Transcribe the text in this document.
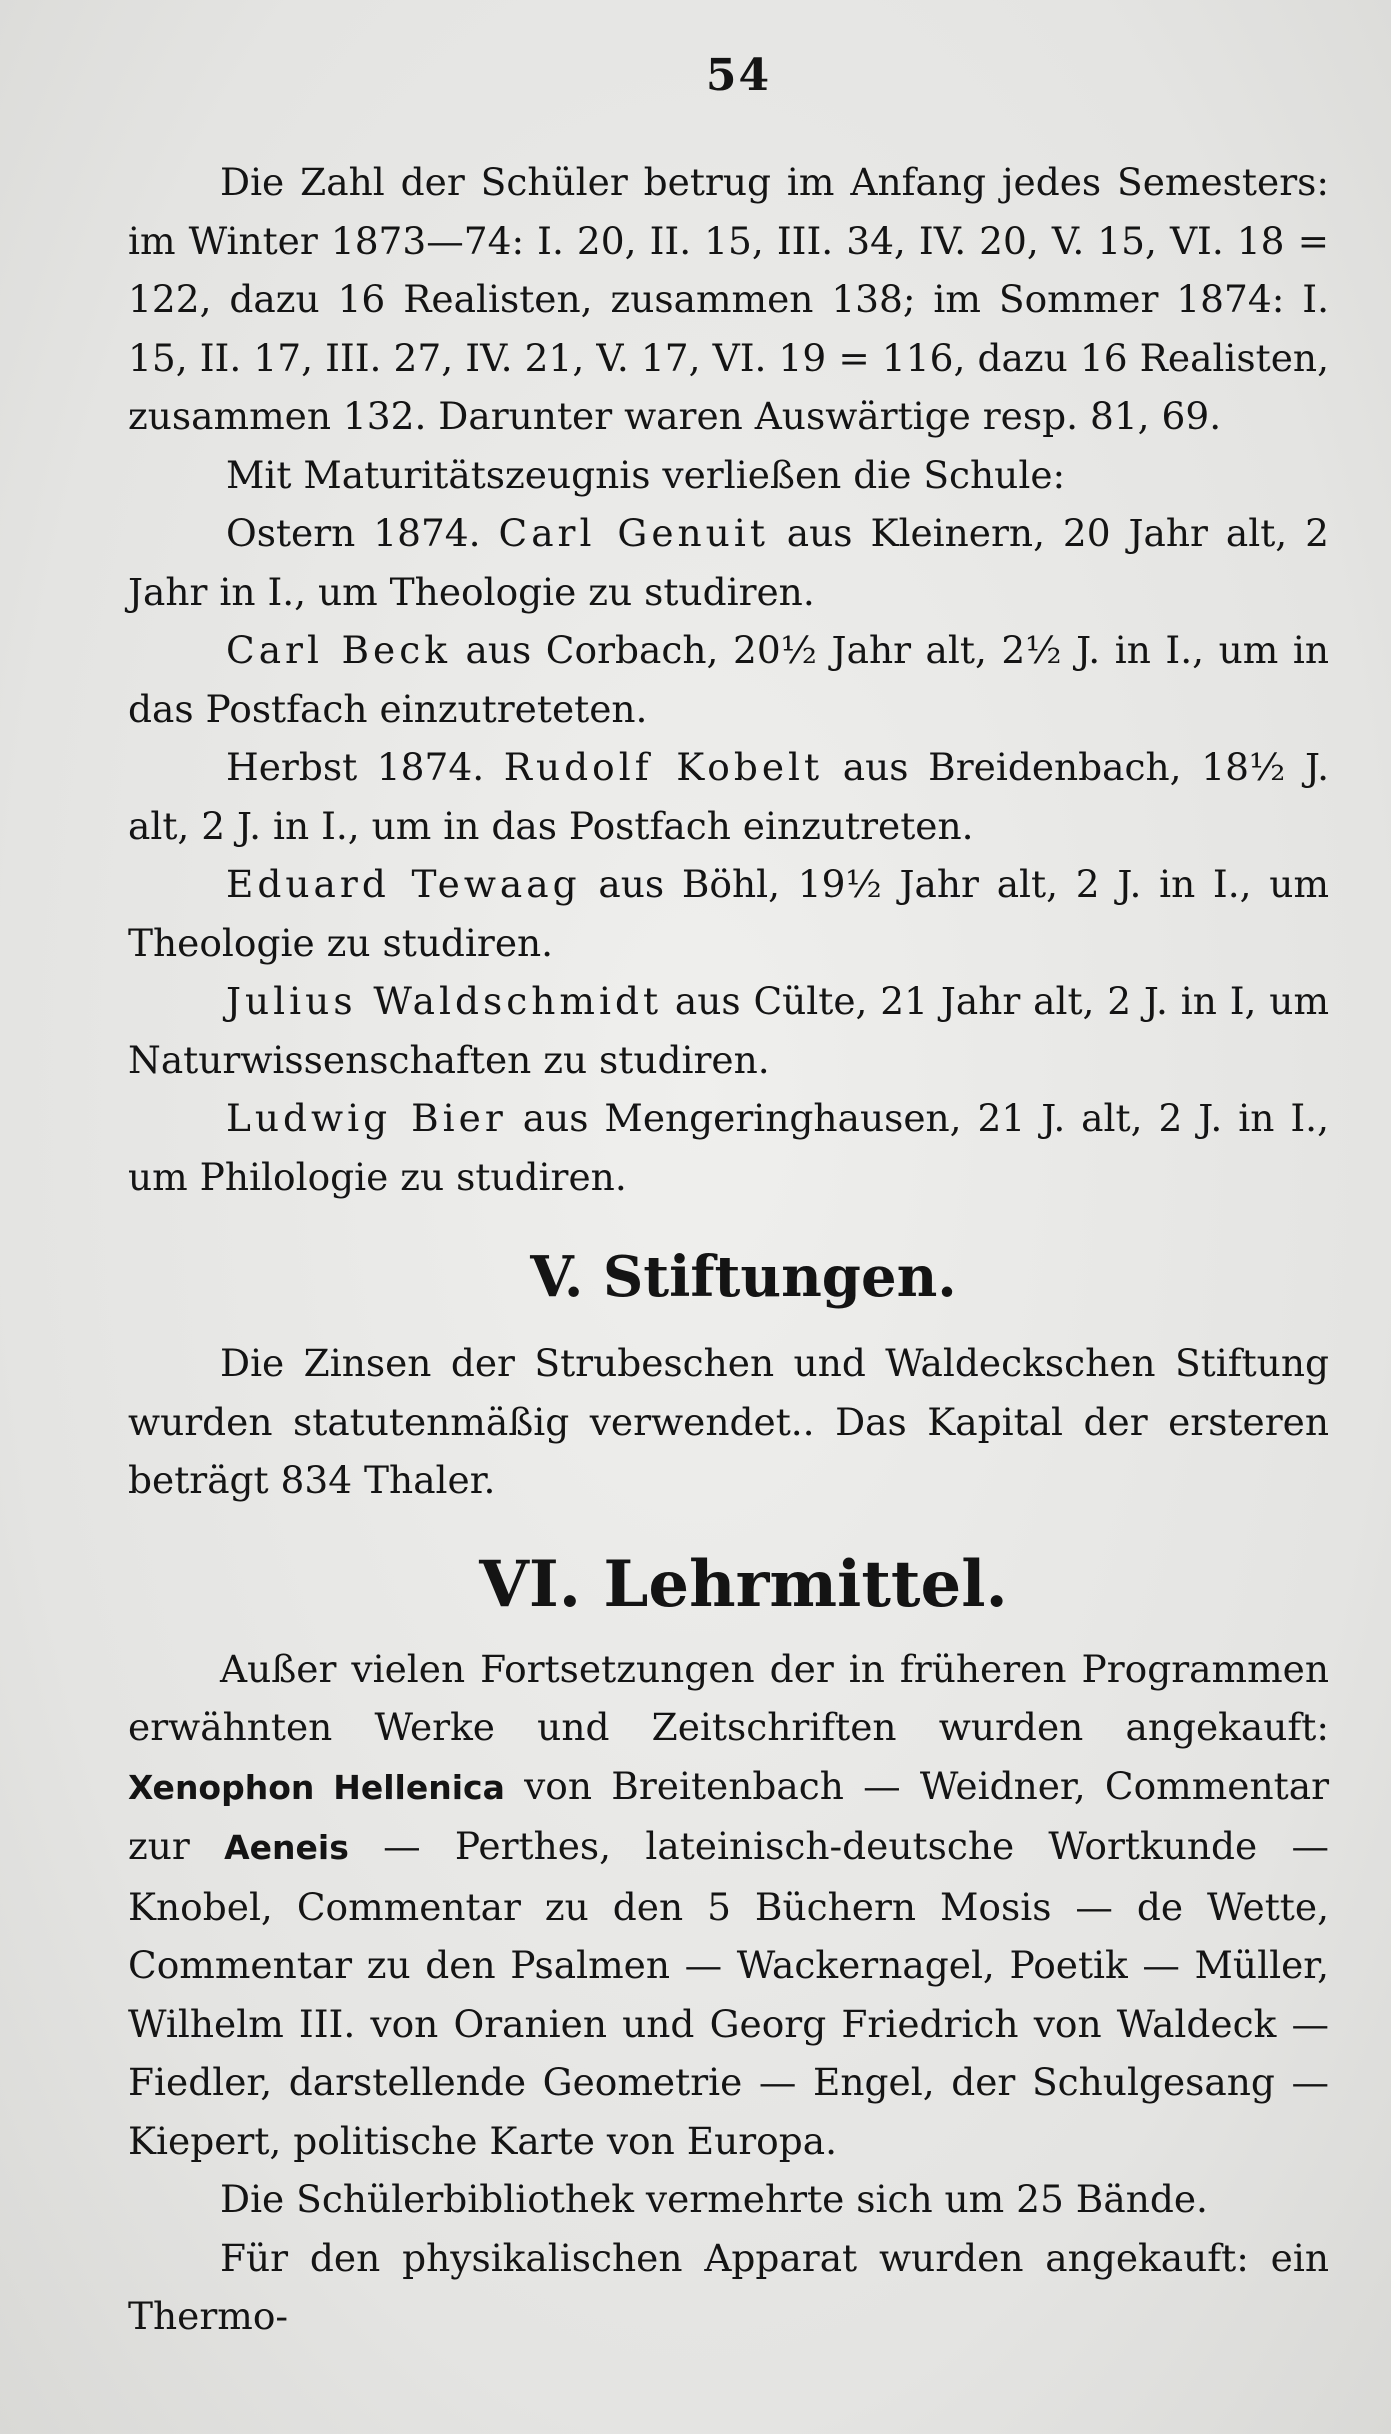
54

Die Zahl der Schüler betrug im Anfang jedes Semesters: im Winter 1873—74: I. 20, II. 15, III. 34, IV. 20, V. 15, VI. 18 = 122, dazu 16 Realisten, zusammen 138; im Sommer 1874: I. 15, II. 17, III. 27, IV. 21, V. 17, VI. 19 = 116, dazu 16 Realisten, zusammen 132. Darunter waren Auswärtige resp. 81, 69.

Mit Maturitätszeugnis verließen die Schule:

Ostern 1874. Carl Genuit aus Kleinern, 20 Jahr alt, 2 Jahr in I., um Theologie zu studiren.

Carl Beck aus Corbach, 20½ Jahr alt, 2½ J. in I., um in das Postfach einzutreteten.

Herbst 1874. Rudolf Kobelt aus Breidenbach, 18½ J. alt, 2 J. in I., um in das Postfach einzutreten.

Eduard Tewaag aus Böhl, 19½ Jahr alt, 2 J. in I., um Theologie zu studiren.

Julius Waldschmidt aus Cülte, 21 Jahr alt, 2 J. in I, um Naturwissenschaften zu studiren.

Ludwig Bier aus Mengeringhausen, 21 J. alt, 2 J. in I., um Philologie zu studiren.

V. Stiftungen.

Die Zinsen der Strubeschen und Waldeckschen Stiftung wurden statutenmäßig verwendet.. Das Kapital der ersteren beträgt 834 Thaler.

VI. Lehrmittel.

Außer vielen Fortsetzungen der in früheren Programmen erwähnten Werke und Zeitschriften wurden angekauft: Xenophon Hellenica von Breitenbach — Weidner, Commentar zur Aeneis — Perthes, lateinisch-deutsche Wortkunde — Knobel, Commentar zu den 5 Büchern Mosis — de Wette, Commentar zu den Psalmen — Wackernagel, Poetik — Müller, Wilhelm III. von Oranien und Georg Friedrich von Waldeck — Fiedler, darstellende Geometrie — Engel, der Schulgesang — Kiepert, politische Karte von Europa.

Die Schülerbibliothek vermehrte sich um 25 Bände.

Für den physikalischen Apparat wurden angekauft: ein Thermo-
